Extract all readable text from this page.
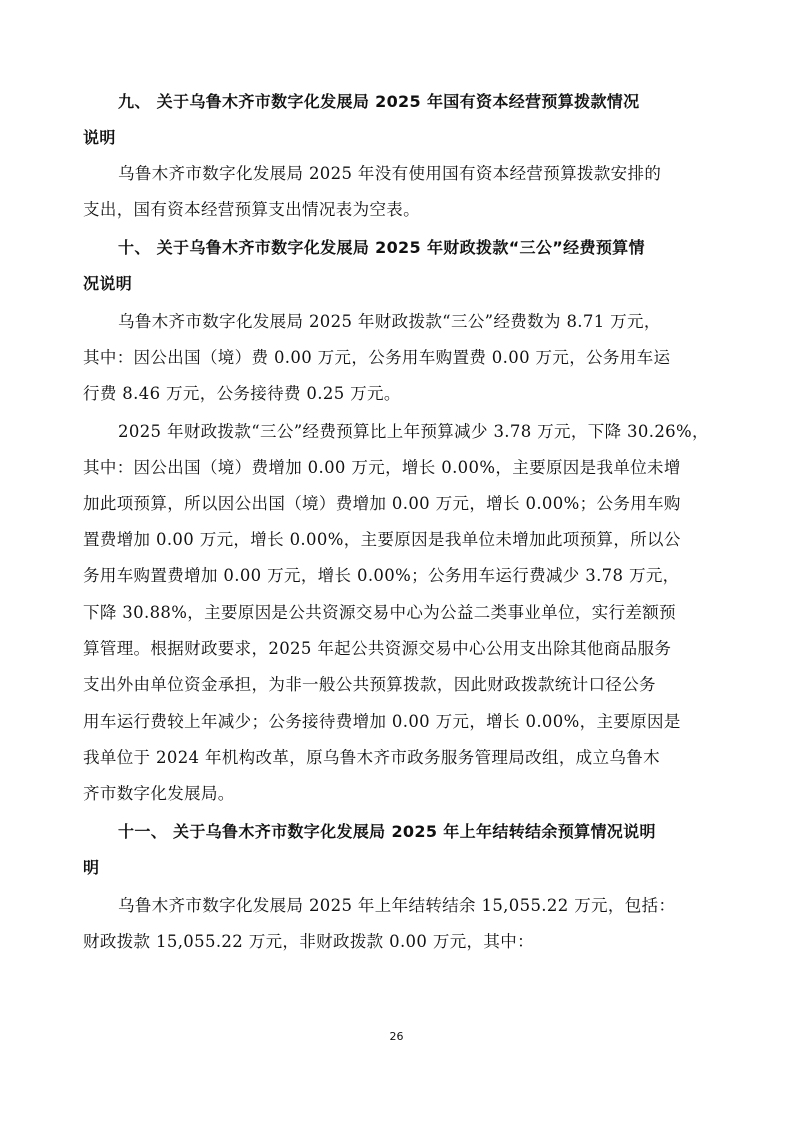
九、 关于乌鲁木齐市数字化发展局 2025 年国有资本经营预算拨款情况
说明
乌鲁木齐市数字化发展局 2025 年没有使用国有资本经营预算拨款安排的
支出，国有资本经营预算支出情况表为空表。
十、 关于乌鲁木齐市数字化发展局 2025 年财政拨款“三公”经费预算情
况说明
乌鲁木齐市数字化发展局 2025 年财政拨款“三公”经费数为 8.71 万元，
其中：因公出国（境）费 0.00 万元，公务用车购置费 0.00 万元，公务用车运
行费 8.46 万元，公务接待费 0.25 万元。
2025 年财政拨款“三公”经费预算比上年预算减少 3.78 万元，下降 30.26%，
其中：因公出国（境）费增加 0.00 万元，增长 0.00%，主要原因是我单位未增
加此项预算，所以因公出国（境）费增加 0.00 万元，增长 0.00%；公务用车购
置费增加 0.00 万元，增长 0.00%，主要原因是我单位未增加此项预算，所以公
务用车购置费增加 0.00 万元，增长 0.00%；公务用车运行费减少 3.78 万元，
下降 30.88%，主要原因是公共资源交易中心为公益二类事业单位，实行差额预
算管理。根据财政要求，2025 年起公共资源交易中心公用支出除其他商品服务
支出外由单位资金承担，为非一般公共预算拨款，因此财政拨款统计口径公务
用车运行费较上年减少；公务接待费增加 0.00 万元，增长 0.00%，主要原因是
我单位于 2024 年机构改革，原乌鲁木齐市政务服务管理局改组，成立乌鲁木
齐市数字化发展局。
十一、 关于乌鲁木齐市数字化发展局 2025 年上年结转结余预算情况说明
明
乌鲁木齐市数字化发展局 2025 年上年结转结余 15,055.22 万元，包括：
财政拨款 15,055.22 万元，非财政拨款 0.00 万元，其中：
26
